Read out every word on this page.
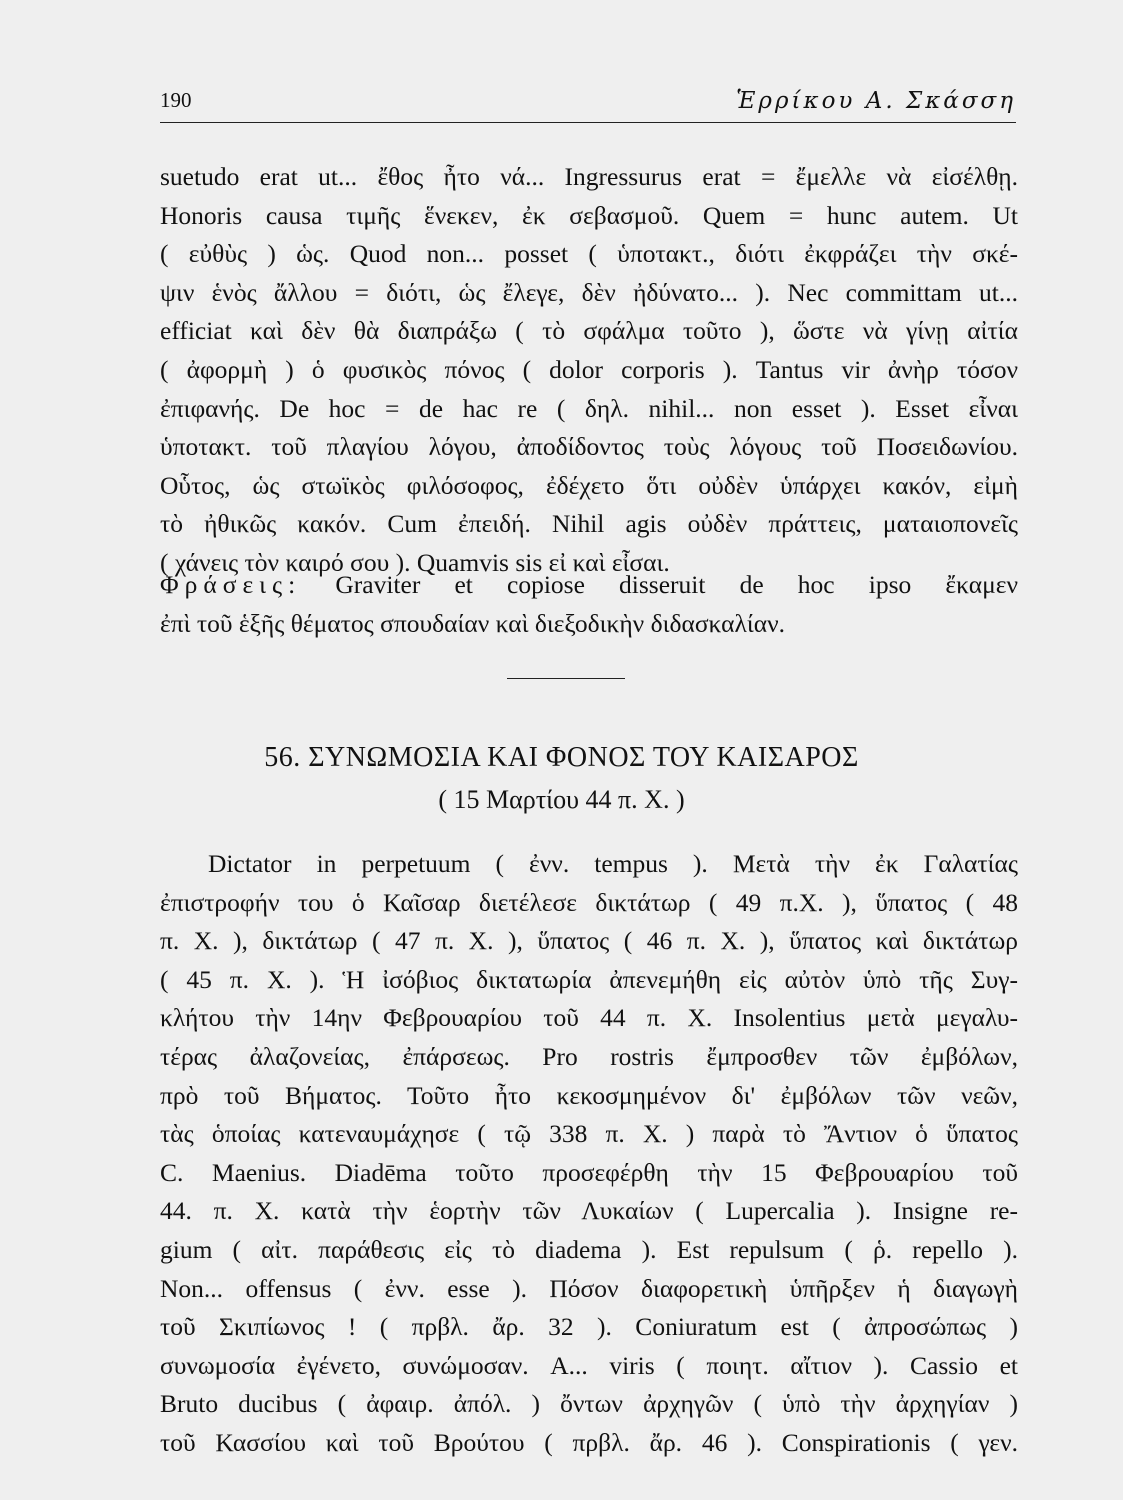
190	Ἑρρίκου Α. Σκάσση
suetudo erat ut... ἔθος ἦτο νά... Ingressurus erat = ἔμελλε νὰ εἰσέλθῃ.
Honoris causa τιμῆς ἕνεκεν, ἐκ σεβασμοῦ. Quem = hunc autem. Ut
( εὐθὺς ) ὡς. Quod non... posset ( ὑποτακτ., διότι ἐκφράζει τὴν σκέ-
ψιν ἑνὸς ἄλλου = διότι, ὡς ἔλεγε, δὲν ἠδύνατο... ). Nec committam ut...
efficiat καὶ δὲν θὰ διαπράξω ( τὸ σφάλμα τοῦτο ), ὥστε νὰ γίνῃ αἰτία
( ἀφορμὴ ) ὁ φυσικὸς πόνος ( dolor corporis ). Tantus vir ἀνὴρ τόσον
ἐπιφανής. De hoc = de hac re ( δηλ. nihil... non esset ). Esset εἶναι
ὑποτακτ. τοῦ πλαγίου λόγου, ἀποδίδοντος τοὺς λόγους τοῦ Ποσειδωνίου.
Οὗτος, ὡς στωϊκὸς φιλόσοφος, ἐδέχετο ὅτι οὐδὲν ὑπάρχει κακόν, εἰμὴ
τὸ ἠθικῶς κακόν. Cum ἐπειδή. Nihil agis οὐδὲν πράττεις, ματαιοπονεῖς
( χάνεις τὸν καιρό σου ). Quamvis sis εἰ καὶ εἶσαι.
Φράσεις: Graviter et copiose disseruit de hoc ipso ἔκαμεν
ἐπὶ τοῦ ἑξῆς θέματος σπουδαίαν καὶ διεξοδικὴν διδασκαλίαν.
56. ΣΥΝΩΜΟΣΙΑ ΚΑΙ ΦΟΝΟΣ ΤΟΥ ΚΑΙΣΑΡΟΣ
( 15 Μαρτίου 44 π. Χ. )
Dictator in perpetuum ( ἐνν. tempus ). Μετὰ τὴν ἐκ Γαλατίας
ἐπιστροφήν του ὁ Καῖσαρ διετέλεσε δικτάτωρ ( 49 π.Χ. ), ὕπατος ( 48
π. Χ. ), δικτάτωρ ( 47 π. Χ. ), ὕπατος ( 46 π. Χ. ), ὕπατος καὶ δικτάτωρ
( 45 π. Χ. ). Ἡ ἰσόβιος δικτατωρία ἀπενεμήθη εἰς αὐτὸν ὑπὸ τῆς Συγ-
κλήτου τὴν 14ην Φεβρουαρίου τοῦ 44 π. Χ. Insolentius μετὰ μεγαλυ-
τέρας ἀλαζονείας, ἐπάρσεως. Pro rostris ἔμπροσθεν τῶν ἐμβόλων,
πρὸ τοῦ Βήματος. Τοῦτο ἦτο κεκοσμημένον δι' ἐμβόλων τῶν νεῶν,
τὰς ὁποίας κατεναυμάχησε ( τῷ 338 π. Χ. ) παρὰ τὸ Ἄντιον ὁ ὕπατος
C. Maenius. Diadēma τοῦτο προσεφέρθη τὴν 15 Φεβρουαρίου τοῦ
44. π. Χ. κατὰ τὴν ἑορτὴν τῶν Λυκαίων ( Lupercalia ). Insigne re-
gium ( αἰτ. παράθεσις εἰς τὸ diadema ). Est repulsum ( ῥ. repello ).
Non... offensus ( ἐνν. esse ). Πόσον διαφορετικὴ ὑπῆρξεν ἡ διαγωγὴ
τοῦ Σκιπίωνος ! ( πρβλ. ἄρ. 32 ). Coniuratum est ( ἀπροσώπως )
συνωμοσία ἐγένετο, συνώμοσαν. A... viris ( ποιητ. αἴτιον ). Cassio et
Bruto ducibus ( ἀφαιρ. ἀπόλ. ) ὄντων ἀρχηγῶν ( ὑπὸ τὴν ἀρχηγίαν )
τοῦ Κασσίου καὶ τοῦ Βρούτου ( πρβλ. ἄρ. 46 ). Conspirationis ( γεν.
